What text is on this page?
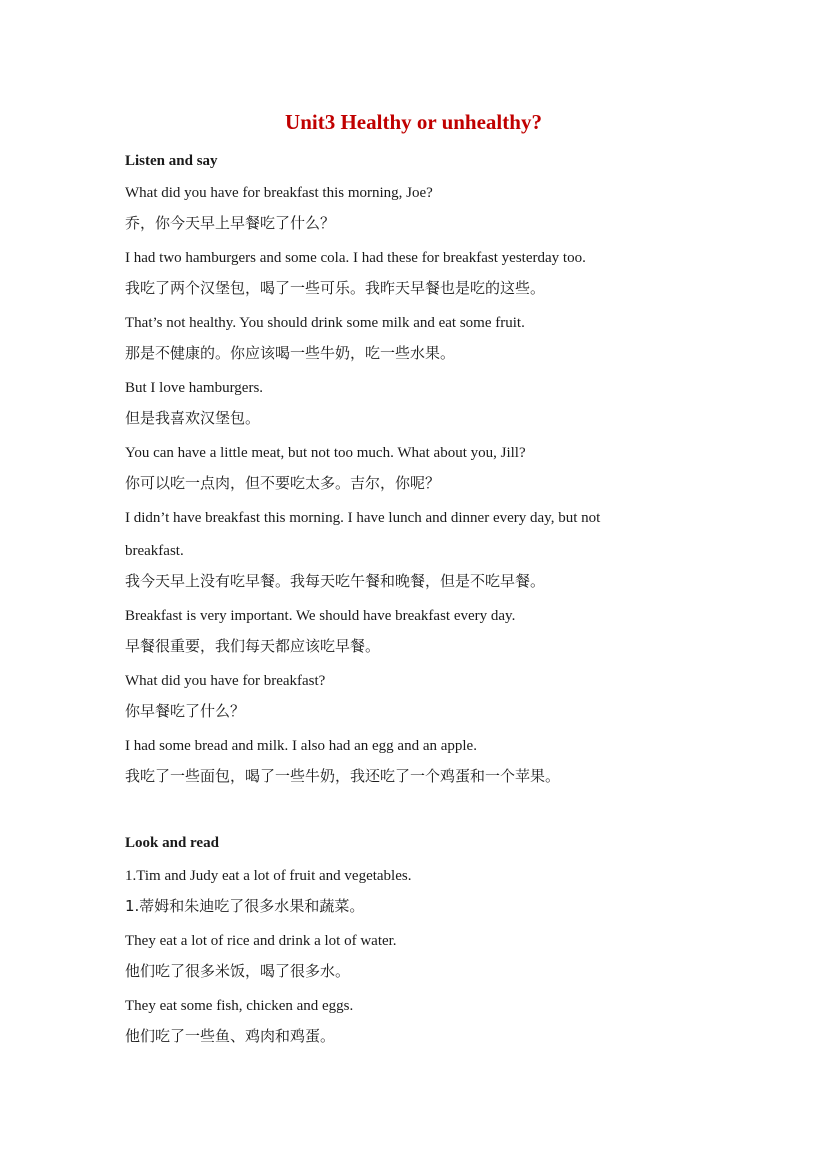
Unit3 Healthy or unhealthy?
Listen and say
What did you have for breakfast this morning, Joe?
乔，你今天早上早餐吃了什么？
I had two hamburgers and some cola. I had these for breakfast yesterday too.
我吃了两个汉堡包，喝了一些可乐。我昨天早餐也是吃的这些。
That’s not healthy. You should drink some milk and eat some fruit.
那是不健康的。你应该喝一些牛奶，吃一些水果。
But I love hamburgers.
但是我喜欢汉堡包。
You can have a little meat, but not too much. What about you, Jill?
你可以吃一点肉，但不要吃太多。吉尔，你呢？
I didn’t have breakfast this morning. I have lunch and dinner every day, but not
breakfast.
我今天早上没有吃早餐。我每天吃午餐和晚餐，但是不吃早餐。
Breakfast is very important. We should have breakfast every day.
早餐很重要，我们每天都应该吃早餐。
What did you have for breakfast?
你早餐吃了什么？
I had some bread and milk. I also had an egg and an apple.
我吃了一些面包，喝了一些牛奶，我还吃了一个鸡蛋和一个苹果。
Look and read
1.Tim and Judy eat a lot of fruit and vegetables.
1.蒂姆和朱迪吃了很多水果和蔬菜。
They eat a lot of rice and drink a lot of water.
他们吃了很多米饭，喝了很多水。
They eat some fish, chicken and eggs.
他们吃了一些鱼、鸡肉和鸡蛋。
